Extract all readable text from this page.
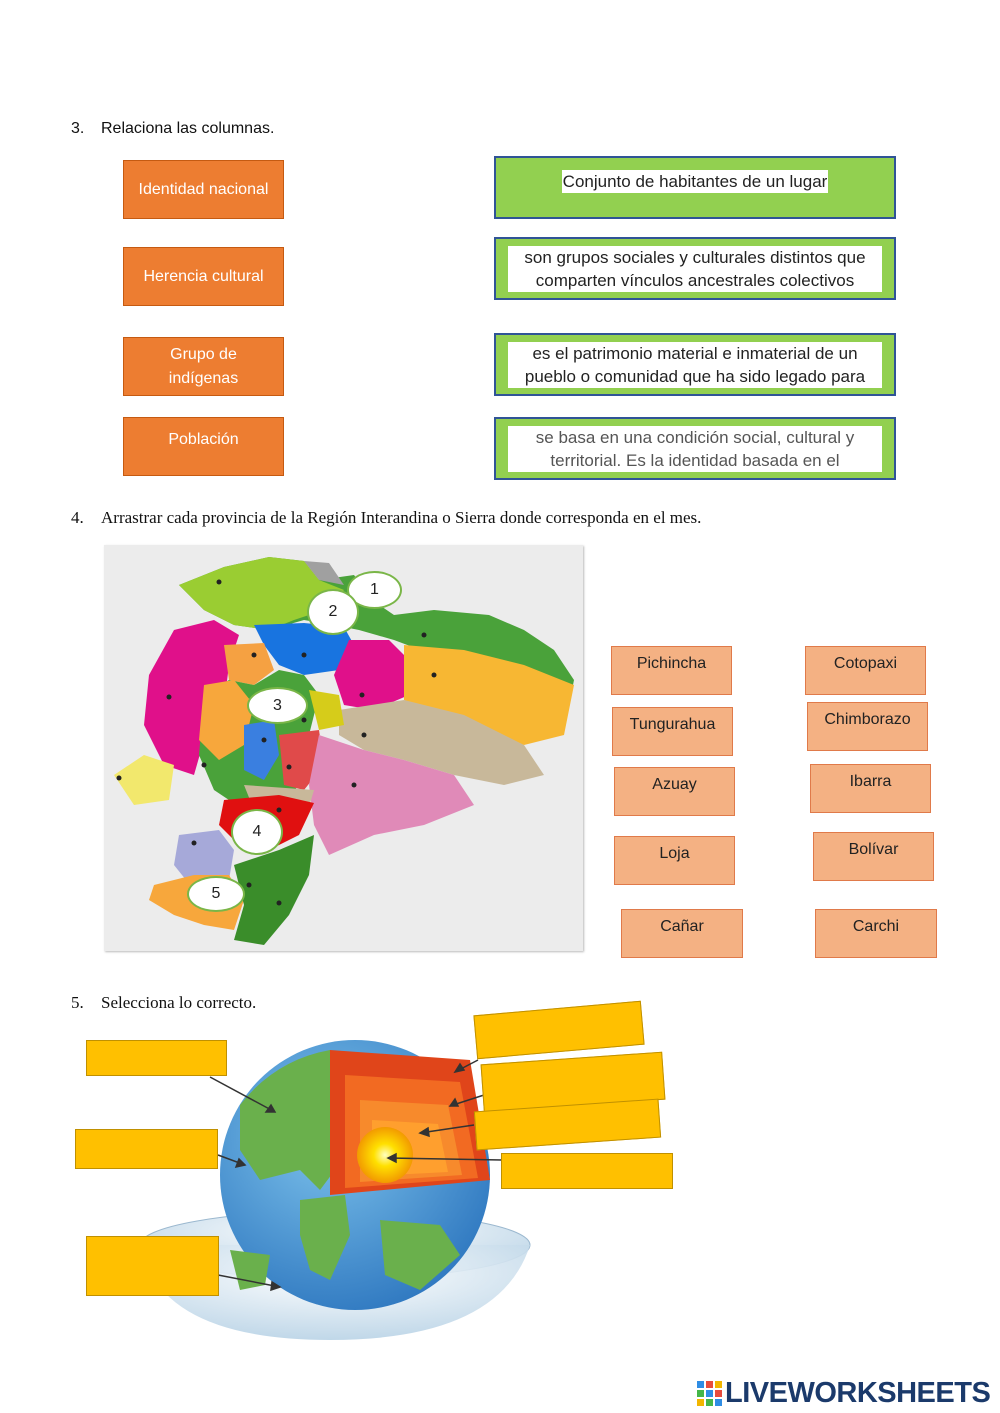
3. Relaciona las columnas.
Identidad nacional
Herencia cultural
Grupo de indígenas
Población
Conjunto de habitantes de un lugar
son grupos sociales y culturales distintos que comparten vínculos ancestrales colectivos
es el patrimonio material e inmaterial de un pueblo o comunidad que ha sido legado para
se basa en una condición social, cultural y territorial. Es la identidad basada en el
4. Arrastrar cada provincia de la Región Interandina o Sierra donde corresponda en el mes.
1
2
3
4
5
Pichincha	Cotopaxi
Tungurahua	Chimborazo
Azuay	Ibarra
Loja	Bolívar
Cañar	Carchi
5. Selecciona lo correcto.
LIVEWORKSHEETS
